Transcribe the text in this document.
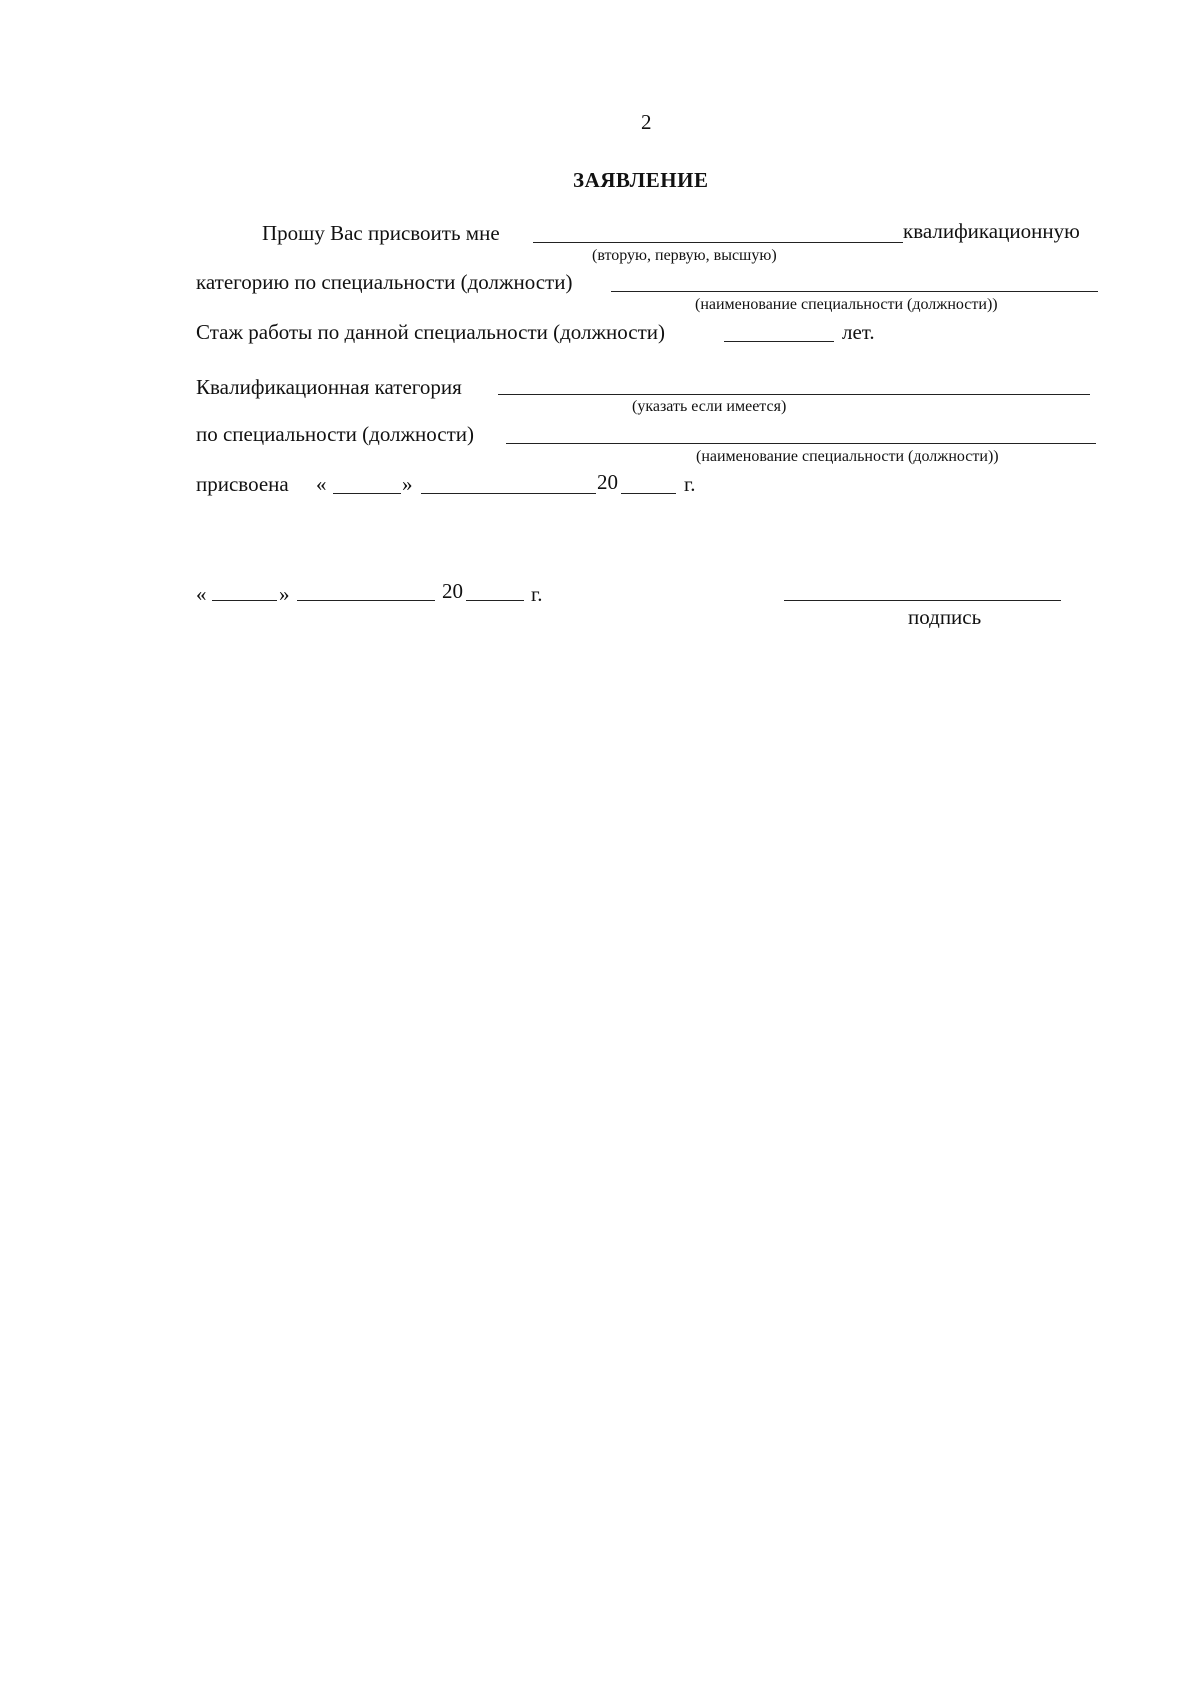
2
ЗАЯВЛЕНИЕ
Прошу Вас присвоить мне	квалификационную
(вторую, первую, высшую)
категорию по специальности (должности)
(наименование специальности (должности))
Стаж работы по данной специальности (должности)	лет.
Квалификационная категория
(указать если имеется)
по специальности (должности)
(наименование специальности (должности))
присвоена «	»	20	г.
«	»	20	г.
подпись
